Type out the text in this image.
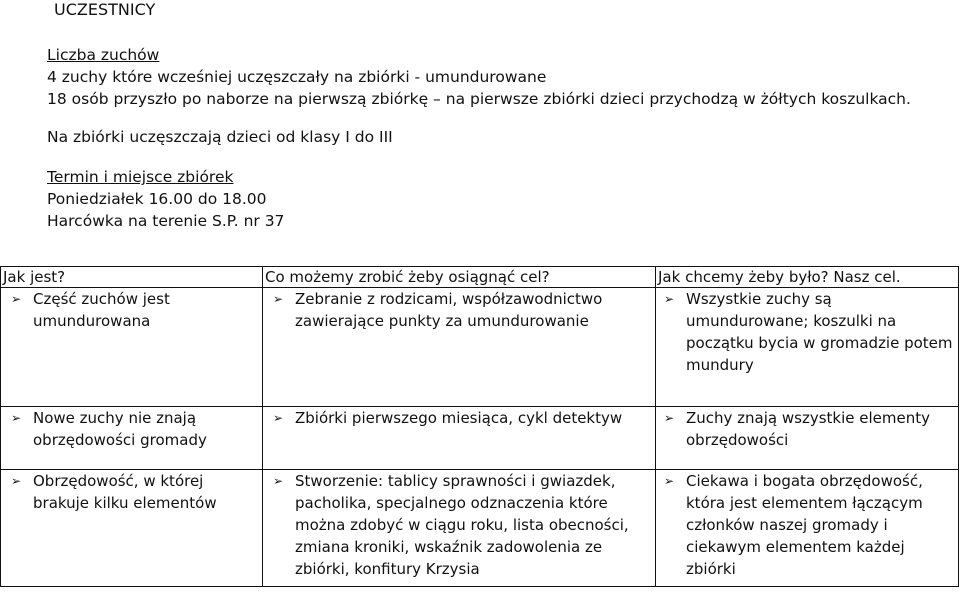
UCZESTNICY
Liczba zuchów
4 zuchy które wcześniej uczęszczały na zbiórki - umundurowane
18 osób przyszło po naborze na pierwszą zbiórkę – na pierwsze zbiórki dzieci przychodzą w żółtych koszulkach.
Na zbiórki uczęszczają dzieci od klasy I do III
Termin i miejsce zbiórek
Poniedziałek 16.00 do 18.00
Harcówka na terenie S.P. nr 37
Jak jest?	Co możemy zrobić żeby osiągnąć cel?	Jak chcemy żeby było? Nasz cel.

➢ Część zuchów jest umundurowana	➢ Zebranie z rodzicami, współzawodnictwo zawierające punkty za umundurowanie	➢ Wszystkie zuchy są umundurowane; koszulki na początku bycia w gromadzie potem mundury

➢ Nowe zuchy nie znają obrzędowości gromady	➢ Zbiórki pierwszego miesiąca, cykl detektyw	➢ Zuchy znają wszystkie elementy obrzędowości

➢ Obrzędowość, w której brakuje kilku elementów	➢ Stworzenie: tablicy sprawności i gwiazdek, pacholika, specjalnego odznaczenia które można zdobyć w ciągu roku, lista obecności, zmiana kroniki, wskaźnik zadowolenia ze zbiórki, konfitury Krzysia	➢ Ciekawa i bogata obrzędowość, która jest elementem łączącym członków naszej gromady i ciekawym elementem każdej zbiórki
